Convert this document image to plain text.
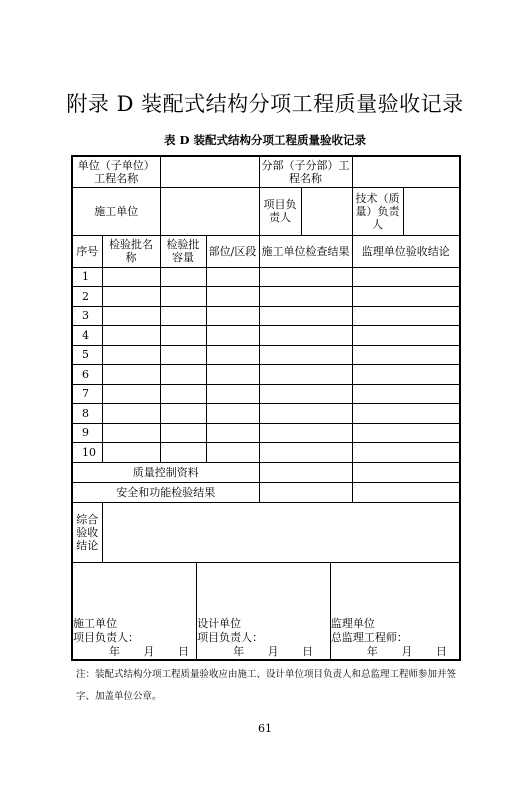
附录 D 装配式结构分项工程质量验收记录
表 D 装配式结构分项工程质量验收记录
单位（子单位）工程名称		分部（子分部）工程名称	
施工单位		项目负责人		技术（质量）负责人	
序号	检验批名称	检验批容量	部位/区段	施工单位检查结果	监理单位验收结论
1					
2					
3					
4					
5					
6					
7					
8					
9					
10					
质量控制资料		
安全和功能检验结果		

综合验收结论

施工单位
项目负责人：
年　　月　　日

设计单位
项目负责人：
年　　月　　日

监理单位
总监理工程师：
年　　月　　日
注：装配式结构分项工程质量验收应由施工、设计单位项目负责人和总监理工程师参加并签字、加盖单位公章。
61
